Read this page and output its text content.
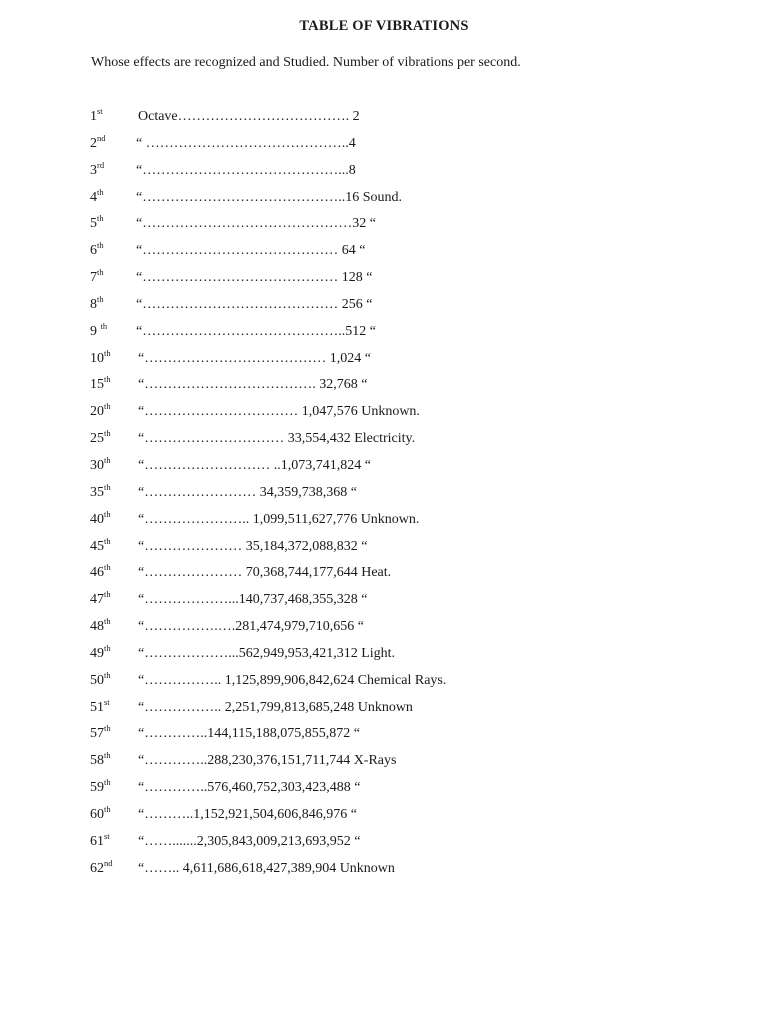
TABLE OF VIBRATIONS
Whose effects are recognized and Studied. Number of vibrations per second.
1st	Octave………………………………. 2
2nd “ ……………………………………..4
3rd “……………………………………...8
4th “……………………………………..16 Sound.
5th “………………………………………32 “
6th “…………………………………… 64 “
7th “…………………………………… 128 “
8th “…………………………………… 256 “
9 $^{th}$ “……………………………………..512 “
10th “………………………………… 1,024 “
15th “………………………………. 32,768 “
20th “…………………………… 1,047,576 Unknown.
25th “………………………… 33,554,432 Electricity.
30th “……………………… ..1,073,741,824 “
35th “…………………… 34,359,738,368 “
40th “………………….. 1,099,511,627,776 Unknown.
45th “………………… 35,184,372,088,832 “
46th “………………… 70,368,744,177,644 Heat.
47th “………………...140,737,468,355,328 “
48th “…………….….281,474,979,710,656 “
49th “………………...562,949,953,421,312 Light.
50th “…………….. 1,125,899,906,842,624 Chemical Rays.
51st “…………….. 2,251,799,813,685,248 Unknown
57th “…………..144,115,188,075,855,872 “
58th “…………..288,230,376,151,711,744 X-Rays
59th “…………..576,460,752,303,423,488 “
60th “………..1,152,921,504,606,846,976 “
61st “…….......2,305,843,009,213,693,952 “
62nd “…….. 4,611,686,618,427,389,904 Unknown
